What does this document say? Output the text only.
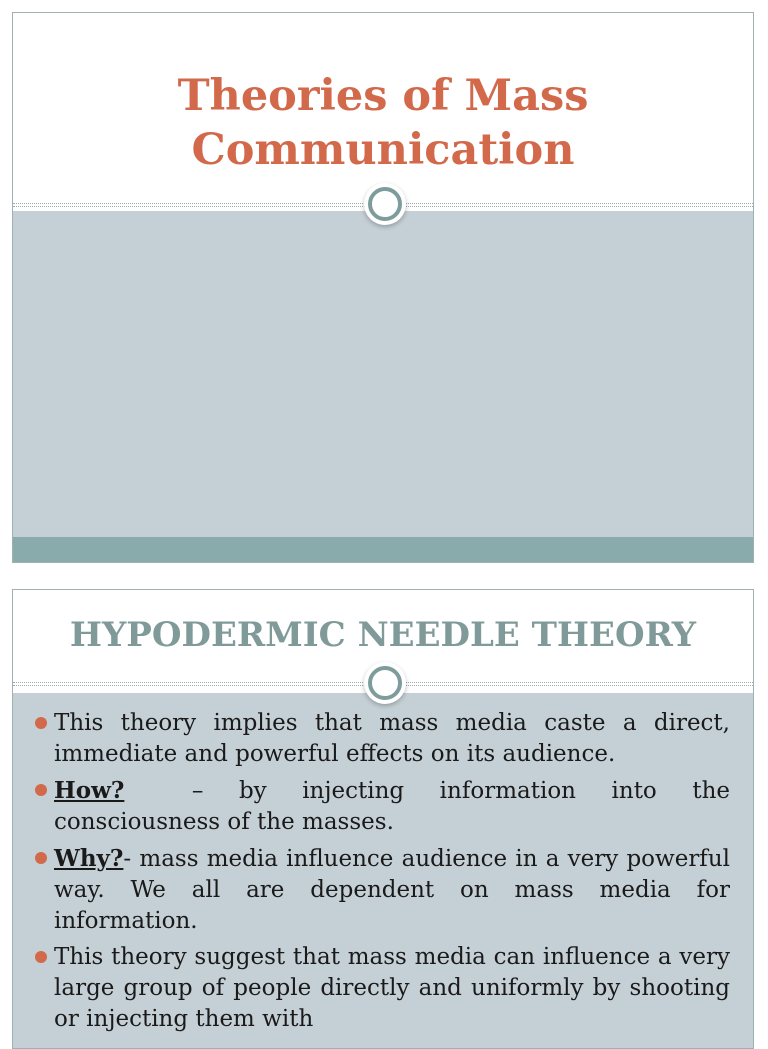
Theories of Mass
Communication
HYPODERMIC NEEDLE THEORY
This theory implies that mass media caste a direct, immediate and powerful effects on its audience.
How? – by injecting information into the consciousness of the masses.
Why?- mass media influence audience in a very powerful way. We all are dependent on mass media for information.
This theory suggest that mass media can influence a very large group of people directly and uniformly by shooting or injecting them with
